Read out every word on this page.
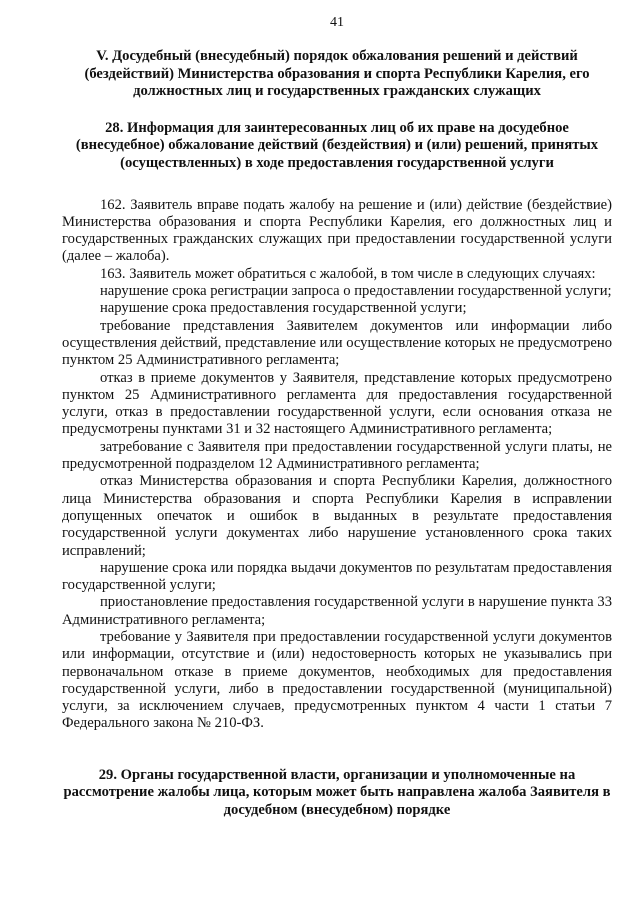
41
V. Досудебный (внесудебный) порядок обжалования решений и действий (бездействий) Министерства образования и спорта Республики Карелия, его должностных лиц и государственных гражданских служащих
28. Информация для заинтересованных лиц об их праве на досудебное (внесудебное) обжалование действий (бездействия) и (или) решений, принятых (осуществленных) в ходе предоставления государственной услуги

162. Заявитель вправе подать жалобу на решение и (или) действие (бездействие) Министерства образования и спорта Республики Карелия, его должностных лиц и государственных гражданских служащих при предоставлении государственной услуги (далее – жалоба).

163. Заявитель может обратиться с жалобой, в том числе в следующих случаях:

нарушение срока регистрации запроса о предоставлении государственной услуги;

нарушение срока предоставления государственной услуги;

требование представления Заявителем документов или информации либо осуществления действий, представление или осуществление которых не предусмотрено пунктом 25 Административного регламента;

отказ в приеме документов у Заявителя, представление которых предусмотрено пунктом 25 Административного регламента для предоставления государственной услуги, отказ в предоставлении государственной услуги, если основания отказа не предусмотрены пунктами 31 и 32 настоящего Административного регламента;

затребование с Заявителя при предоставлении государственной услуги платы, не предусмотренной подразделом 12 Административного регламента;

отказ Министерства образования и спорта Республики Карелия, должностного лица Министерства образования и спорта Республики Карелия в исправлении допущенных опечаток и ошибок в выданных в результате предоставления государственной услуги документах либо нарушение установленного срока таких исправлений;

нарушение срока или порядка выдачи документов по результатам предоставления государственной услуги;

приостановление предоставления государственной услуги в нарушение пункта 33 Административного регламента;

требование у Заявителя при предоставлении государственной услуги документов или информации, отсутствие и (или) недостоверность которых не указывались при первоначальном отказе в приеме документов, необходимых для предоставления государственной услуги, либо в предоставлении государственной (муниципальной) услуги, за исключением случаев, предусмотренных пунктом 4 части 1 статьи 7 Федерального закона № 210-ФЗ.

29. Органы государственной власти, организации и уполномоченные на рассмотрение жалобы лица, которым может быть направлена жалоба Заявителя в досудебном (внесудебном) порядке
